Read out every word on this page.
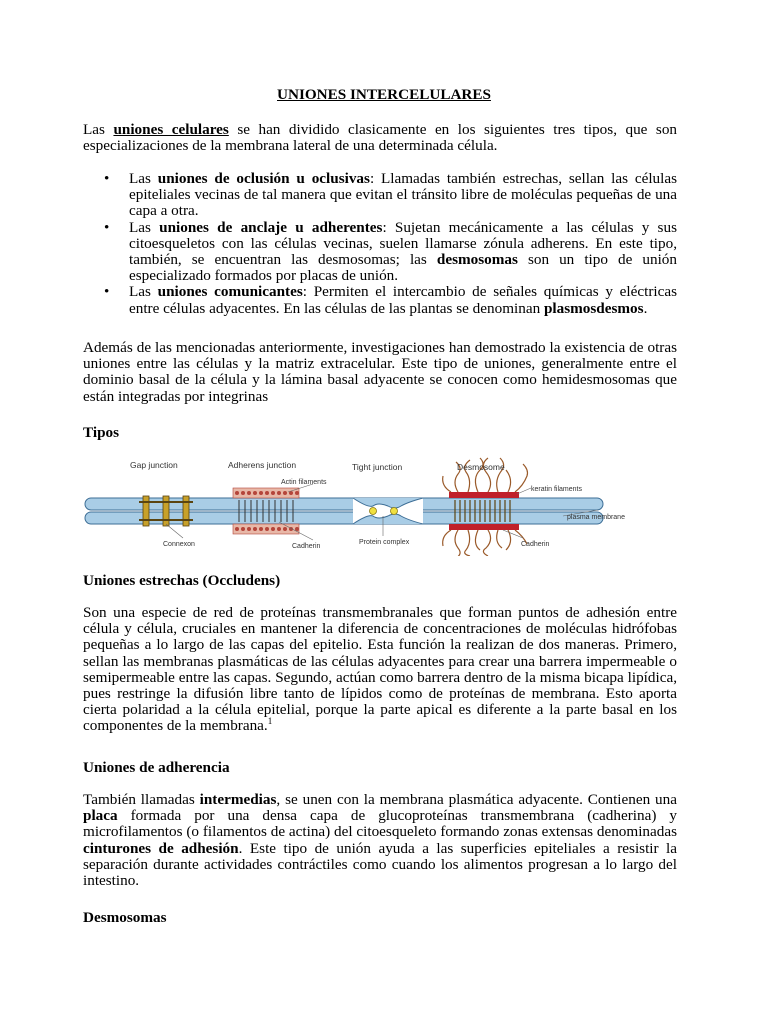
UNIONES INTERCELULARES
Las uniones celulares se han dividido clasicamente en los siguientes tres tipos, que son especializaciones de la membrana lateral de una determinada célula.
• Las uniones de oclusión u oclusivas: Llamadas también estrechas, sellan las células epiteliales vecinas de tal manera que evitan el tránsito libre de moléculas pequeñas de una capa a otra.
• Las uniones de anclaje u adherentes: Sujetan mecánicamente a las células y sus citoesqueletos con las células vecinas, suelen llamarse zónula adherens. En este tipo, también, se encuentran las desmosomas; las desmosomas son un tipo de unión especializado formados por placas de unión.
• Las uniones comunicantes: Permiten el intercambio de señales químicas y eléctricas entre células adyacentes. En las células de las plantas se denominan plasmosdesmos.
Además de las mencionadas anteriormente, investigaciones han demostrado la existencia de otras uniones entre las células y la matriz extracelular. Este tipo de uniones, generalmente entre el dominio basal de la célula y la lámina basal adyacente se conocen como hemidesmosomas que están integradas por integrinas
Tipos
Gap junction	Adherens junction	Tight junction	Desmosome
Actin filaments
keratin filaments
plasma membrane
Connexon	Cadherin
Protein complex	Cadherin
Uniones estrechas (Occludens)
Son una especie de red de proteínas transmembranales que forman puntos de adhesión entre célula y célula, cruciales en mantener la diferencia de concentraciones de moléculas hidrófobas pequeñas a lo largo de las capas del epitelio. Esta función la realizan de dos maneras. Primero, sellan las membranas plasmáticas de las células adyacentes para crear una barrera impermeable o semipermeable entre las capas. Segundo, actúan como barrera dentro de la misma bicapa lipídica, pues restringe la difusión libre tanto de lípidos como de proteínas de membrana. Esto aporta cierta polaridad a la célula epitelial, porque la parte apical es diferente a la parte basal en los componentes de la membrana.$^1$
Uniones de adherencia
También llamadas intermedias, se unen con la membrana plasmática adyacente. Contienen una placa formada por una densa capa de glucoproteínas transmembrana (cadherina) y microfilamentos (o filamentos de actina) del citoesqueleto formando zonas extensas denominadas cinturones de adhesión. Este tipo de unión ayuda a las superficies epiteliales a resistir la separación durante actividades contráctiles como cuando los alimentos progresan a lo largo del intestino.
Desmosomas
